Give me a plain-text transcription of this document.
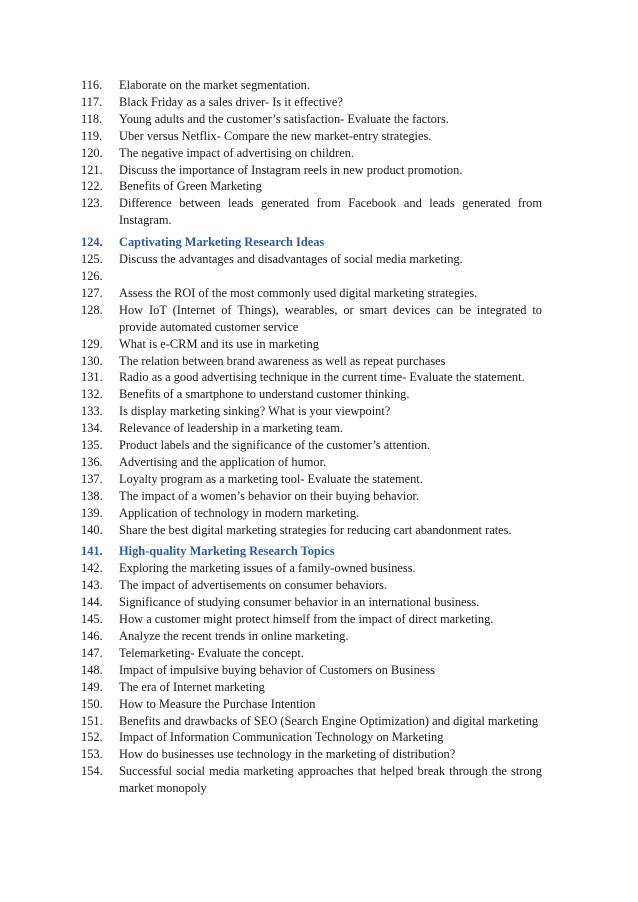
116.	Elaborate on the market segmentation.
117.	Black Friday as a sales driver- Is it effective?
118.	Young adults and the customer’s satisfaction- Evaluate the factors.
119.	Uber versus Netflix- Compare the new market-entry strategies.
120.	The negative impact of advertising on children.
121.	Discuss the importance of Instagram reels in new product promotion.
122.	Benefits of Green Marketing
123.	Difference between leads generated from Facebook and leads generated from Instagram.
124.	Captivating Marketing Research Ideas
125.	Discuss the advantages and disadvantages of social media marketing.
126.
127.	Assess the ROI of the most commonly used digital marketing strategies.
128.	How IoT (Internet of Things), wearables, or smart devices can be integrated to provide automated customer service
129.	What is e-CRM and its use in marketing
130.	The relation between brand awareness as well as repeat purchases
131.	Radio as a good advertising technique in the current time- Evaluate the statement.
132.	Benefits of a smartphone to understand customer thinking.
133.	Is display marketing sinking? What is your viewpoint?
134.	Relevance of leadership in a marketing team.
135.	Product labels and the significance of the customer’s attention.
136.	Advertising and the application of humor.
137.	Loyalty program as a marketing tool- Evaluate the statement.
138.	The impact of a women’s behavior on their buying behavior.
139.	Application of technology in modern marketing.
140.	Share the best digital marketing strategies for reducing cart abandonment rates.
141.	High-quality Marketing Research Topics
142.	Exploring the marketing issues of a family-owned business.
143.	The impact of advertisements on consumer behaviors.
144.	Significance of studying consumer behavior in an international business.
145.	How a customer might protect himself from the impact of direct marketing.
146.	Analyze the recent trends in online marketing.
147.	Telemarketing- Evaluate the concept.
148.	Impact of impulsive buying behavior of Customers on Business
149.	The era of Internet marketing
150.	How to Measure the Purchase Intention
151.	Benefits and drawbacks of SEO (Search Engine Optimization) and digital marketing
152.	Impact of Information Communication Technology on Marketing
153.	How do businesses use technology in the marketing of distribution?
154.	Successful social media marketing approaches that helped break through the strong market monopoly
